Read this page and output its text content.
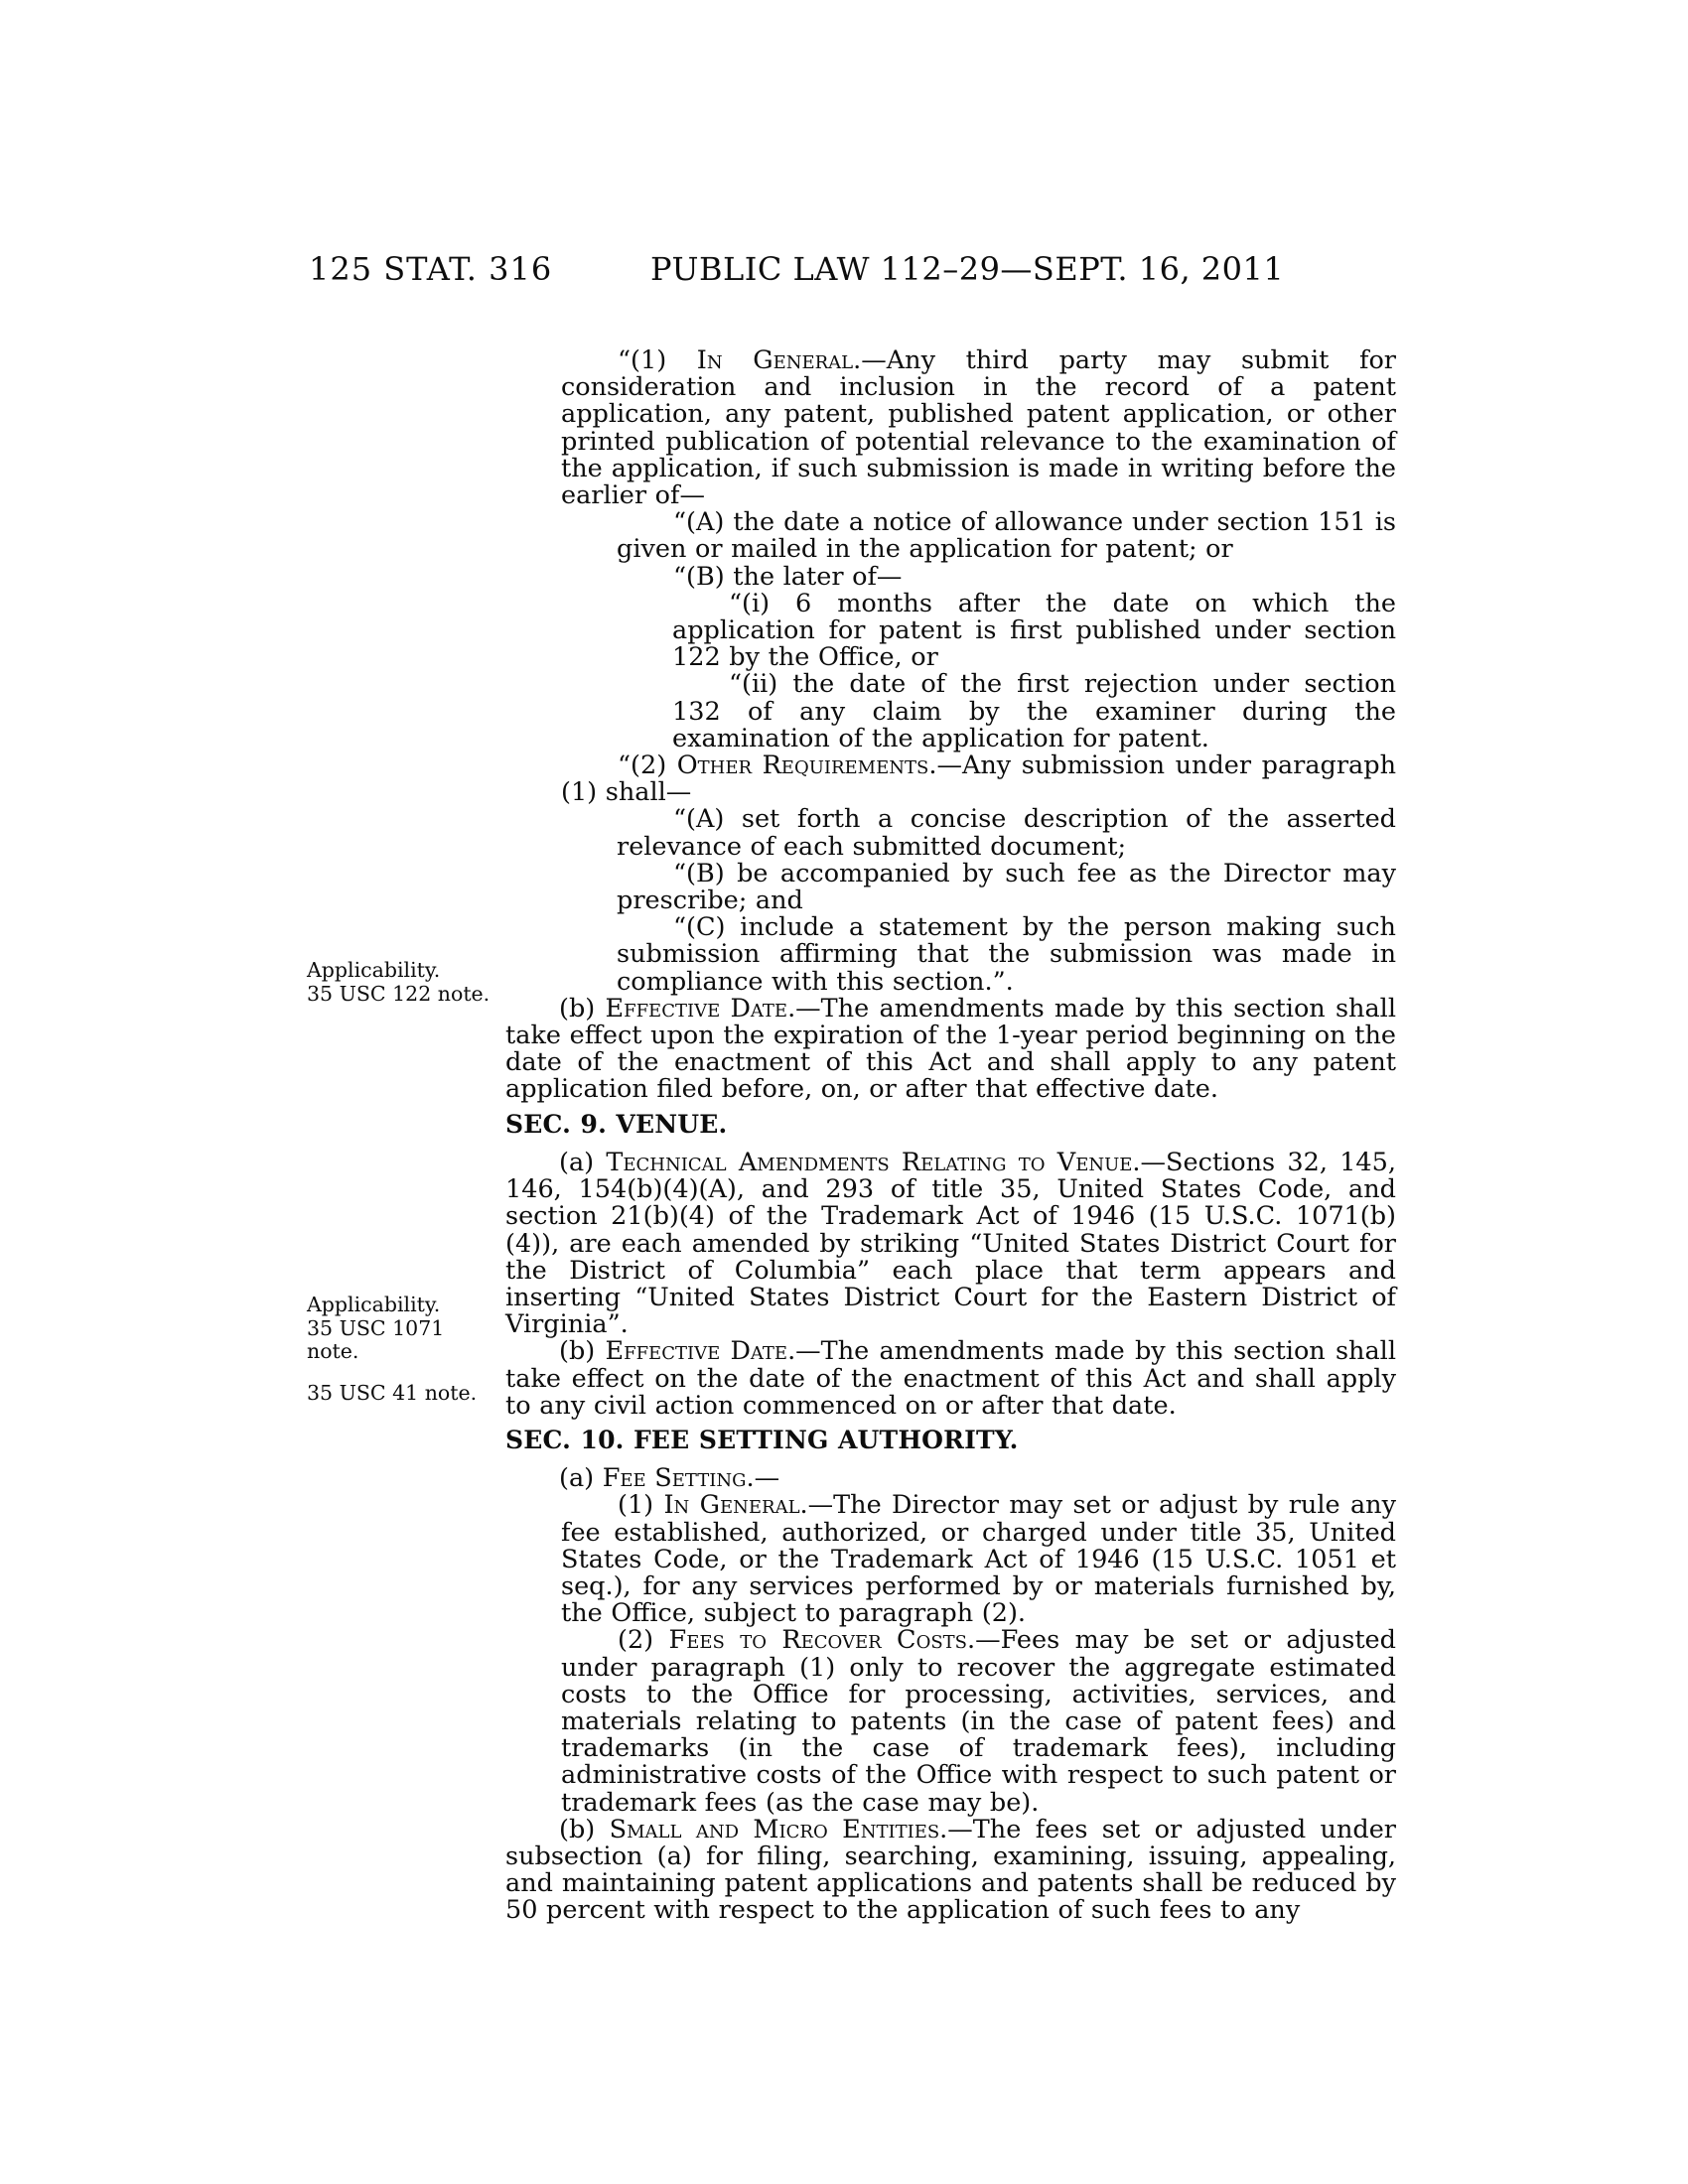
125 STAT. 316	PUBLIC LAW 112–29—SEPT. 16, 2011
Applicability.
35 USC 122 note.
Applicability.
35 USC 1071
note.
35 USC 41 note.

“(1) In General.—Any third party may submit for consideration and inclusion in the record of a patent application, any patent, published patent application, or other printed publication of potential relevance to the examination of the application, if such submission is made in writing before the earlier of—

“(A) the date a notice of allowance under section 151 is given or mailed in the application for patent; or

“(B) the later of—

“(i) 6 months after the date on which the application for patent is first published under section 122 by the Office, or

“(ii) the date of the first rejection under section 132 of any claim by the examiner during the examination of the application for patent.

“(2) Other Requirements.—Any submission under paragraph (1) shall—

“(A) set forth a concise description of the asserted relevance of each submitted document;

“(B) be accompanied by such fee as the Director may prescribe; and

“(C) include a statement by the person making such submission affirming that the submission was made in compliance with this section.”.

(b) Effective Date.—The amendments made by this section shall take effect upon the expiration of the 1-year period beginning on the date of the enactment of this Act and shall apply to any patent application filed before, on, or after that effective date.

SEC. 9. VENUE.

(a) Technical Amendments Relating to Venue.—Sections 32, 145, 146, 154(b)(4)(A), and 293 of title 35, United States Code, and section 21(b)(4) of the Trademark Act of 1946 (15 U.S.C. 1071(b)(4)), are each amended by striking “United States District Court for the District of Columbia” each place that term appears and inserting “United States District Court for the Eastern District of Virginia”.

(b) Effective Date.—The amendments made by this section shall take effect on the date of the enactment of this Act and shall apply to any civil action commenced on or after that date.

SEC. 10. FEE SETTING AUTHORITY.

(a) Fee Setting.—

(1) In General.—The Director may set or adjust by rule any fee established, authorized, or charged under title 35, United States Code, or the Trademark Act of 1946 (15 U.S.C. 1051 et seq.), for any services performed by or materials furnished by, the Office, subject to paragraph (2).

(2) Fees to Recover Costs.—Fees may be set or adjusted under paragraph (1) only to recover the aggregate estimated costs to the Office for processing, activities, services, and materials relating to patents (in the case of patent fees) and trademarks (in the case of trademark fees), including administrative costs of the Office with respect to such patent or trademark fees (as the case may be).

(b) Small and Micro Entities.—The fees set or adjusted under subsection (a) for filing, searching, examining, issuing, appealing, and maintaining patent applications and patents shall be reduced by 50 percent with respect to the application of such fees to any
